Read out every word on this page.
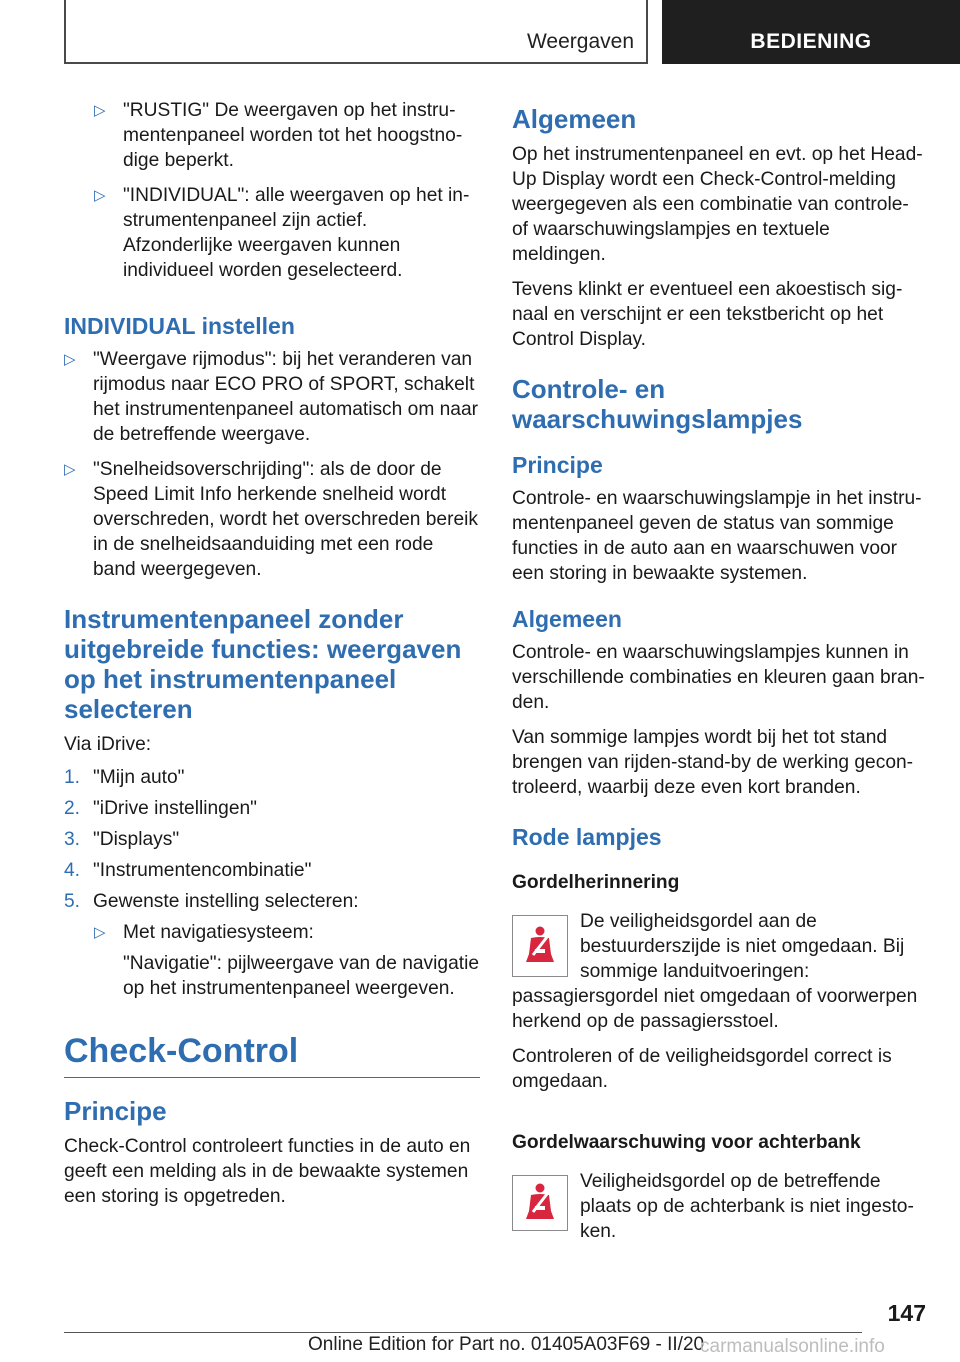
Weergaven	BEDIENING
▷ "RUSTIG" De weergaven op het instrumentenpaneel worden tot het hoogstnodige beperkt.
▷ "INDIVIDUAL": alle weergaven op het instrumentenpaneel zijn actief. Afzonderlijke weergaven kunnen individueel worden geselecteerd.
INDIVIDUAL instellen
▷ "Weergave rijmodus": bij het veranderen van rijmodus naar ECO PRO of SPORT, schakelt het instrumentenpaneel automatisch om naar de betreffende weergave.
▷ "Snelheidsoverschrijding": als de door de Speed Limit Info herkende snelheid wordt overschreden, wordt het overschreden bereik in de snelheidsaanduiding met een rode band weergegeven.
Instrumentenpaneel zonder uitgebreide functies: weergaven op het instrumentenpaneel selecteren

Via iDrive:

1. "Mijn auto"
2. "iDrive instellingen"
3. "Displays"
4. "Instrumentencombinatie"
5. Gewenste instelling selecteren:
▷ Met navigatiesysteem:

"Navigatie": pijlweergave van de navigatie op het instrumentenpaneel weergeven.

Check-Control
Principe

Check-Control controleert functies in de auto en geeft een melding als in de bewaakte systemen een storing is opgetreden.

Algemeen

Op het instrumentenpaneel en evt. op het Head-Up Display wordt een Check-Control-melding weergegeven als een combinatie van controle- of waarschuwingslampjes en textuele meldingen.

Tevens klinkt er eventueel een akoestisch signaal en verschijnt er een tekstbericht op het Control Display.

Controle- en waarschuwingslampjes
Principe

Controle- en waarschuwingslampje in het instrumentenpaneel geven de status van sommige functies in de auto aan en waarschuwen voor een storing in bewaakte systemen.

Algemeen

Controle- en waarschuwingslampjes kunnen in verschillende combinaties en kleuren gaan branden.

Van sommige lampjes wordt bij het tot stand brengen van rijden-stand-by de werking gecontroleerd, waarbij deze even kort branden.

Rode lampjes
Gordelherinnering

De veiligheidsgordel aan de bestuurderszijde is niet omgedaan. Bij sommige landuitvoeringen: passagiersgordel niet omgedaan of voorwerpen herkend op de passagiersstoel.

Controleren of de veiligheidsgordel correct is omgedaan.

Gordelwaarschuwing voor achterbank

Veiligheidsgordel op de betreffende plaats op de achterbank is niet ingestoken.

147
Online Edition for Part no. 01405A03F69 - II/20
carmanualsonline.info
